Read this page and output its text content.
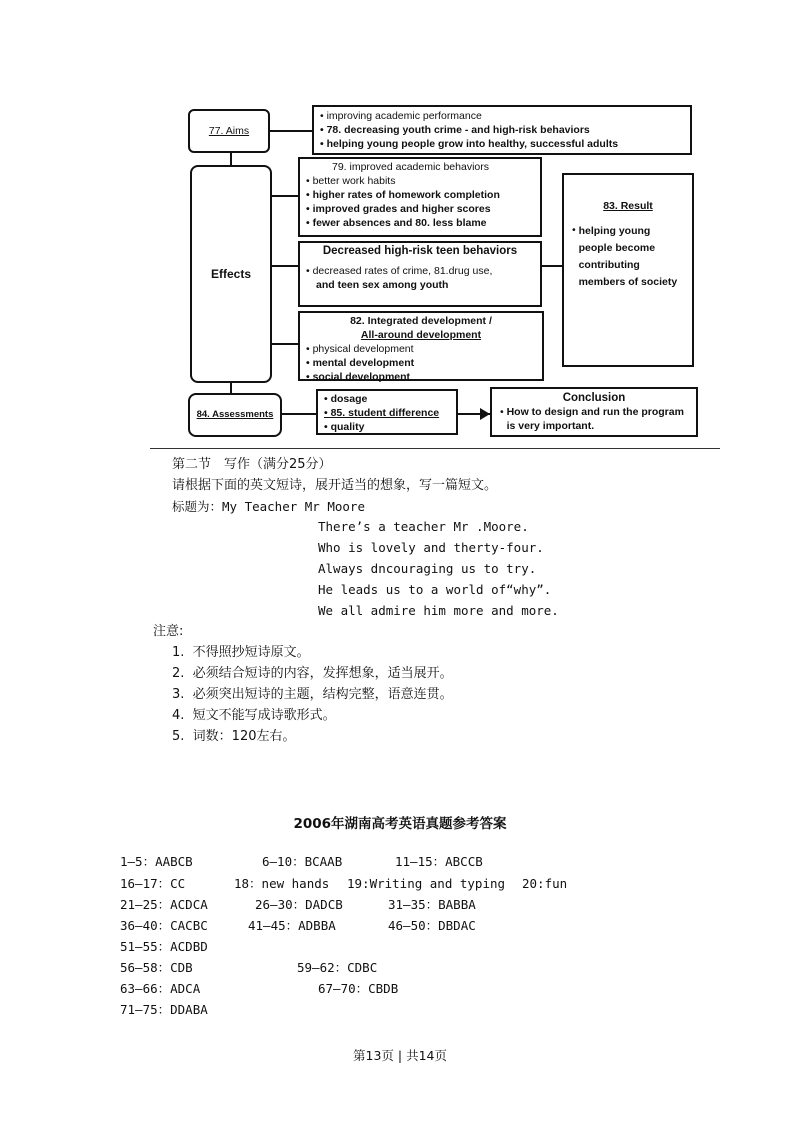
77. Aims
• improving academic performance
• 78. decreasing youth crime - and high-risk behaviors
• helping young people grow into healthy, successful adults
Effects
79. improved academic behaviors
• better work habits
• higher rates of homework completion
• improved grades and higher scores
• fewer absences and 80. less blame
Decreased high-risk teen behaviors
• decreased rates of crime, 81.drug use,
and teen sex among youth
82. Integrated development /
All-around development
• physical development
• mental development
• social development
83. Result
• helping young people become contributing members of society
84. Assessments
• dosage
• 85. student difference
• quality
Conclusion
• How to design and run the program is very important.
第二节　写作（满分25分）
请根据下面的英文短诗，展开适当的想象，写一篇短文。
标题为：My Teacher Mr Moore
There’s a teacher Mr .Moore.
Who is lovely and therty-four.
Always dncouraging us to try.
He leads us to a world of“why”.
We all admire him more and more.
注意:
1.  不得照抄短诗原文。
2.  必须结合短诗的内容，发挥想象，适当展开。
3.  必须突出短诗的主题，结构完整，语意连贯。
4.  短文不能写成诗歌形式。
5.  词数：120左右。
2006年湖南高考英语真题参考答案
1—5：AABCB	6—10：BCAAB	11—15：ABCCB
16—17：CC	18：new hands 19:Writing and typing 20:fun
21—25：ACDCA	26—30：DADCB	31—35：BABBA
36—40：CACBC	41—45：ADBBA	46—50：DBDAC
51—55：ACDBD
56—58：CDB	59—62：CDBC
63—66：ADCA	67—70：CBDB
71—75：DDABA
第13页 | 共14页
